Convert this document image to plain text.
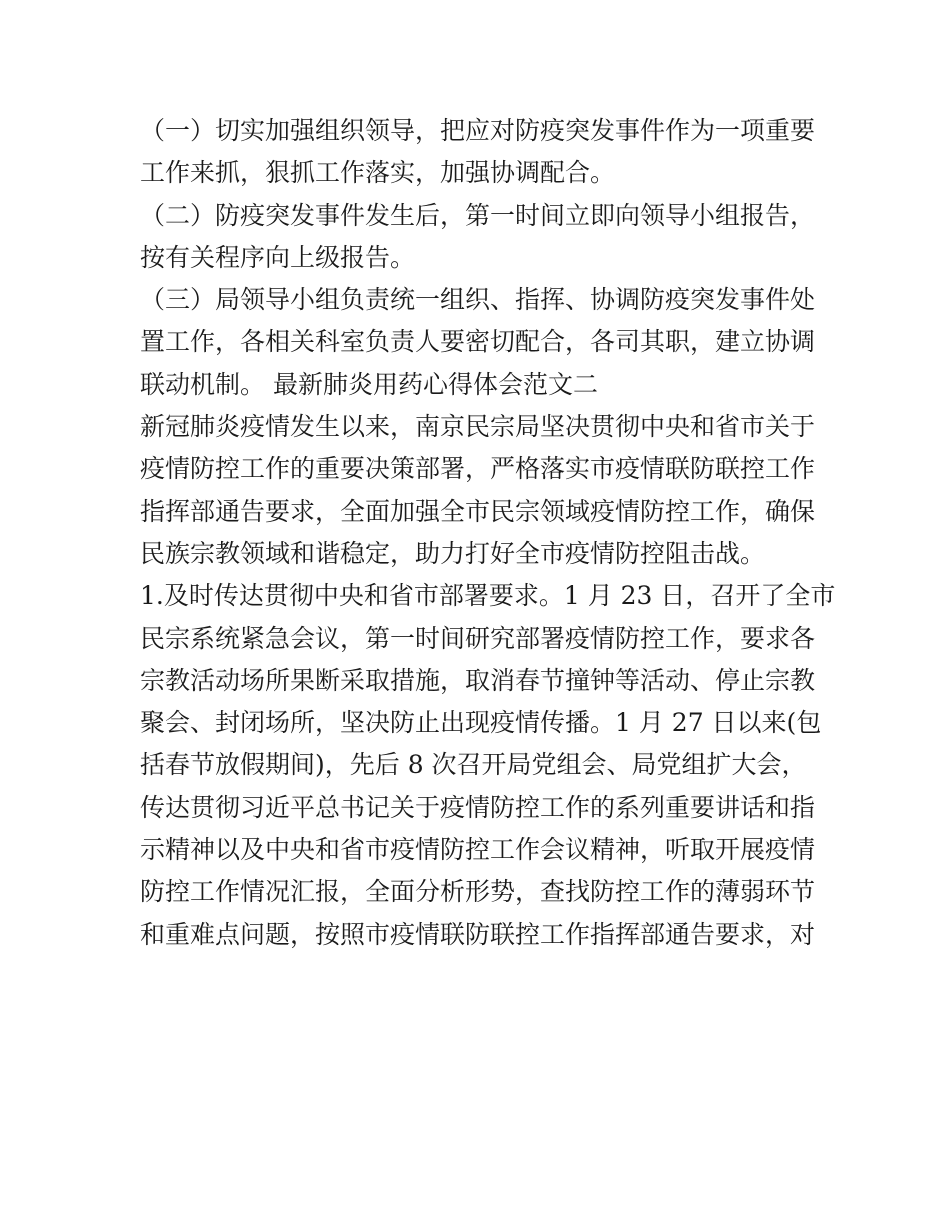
（一）切实加强组织领导，把应对防疫突发事件作为一项重要
工作来抓，狠抓工作落实，加强协调配合。
（二）防疫突发事件发生后，第一时间立即向领导小组报告，
按有关程序向上级报告。
（三）局领导小组负责统一组织、指挥、协调防疫突发事件处
置工作，各相关科室负责人要密切配合，各司其职，建立协调
联动机制。 最新肺炎用药心得体会范文二
新冠肺炎疫情发生以来，南京民宗局坚决贯彻中央和省市关于
疫情防控工作的重要决策部署，严格落实市疫情联防联控工作
指挥部通告要求，全面加强全市民宗领域疫情防控工作，确保
民族宗教领域和谐稳定，助力打好全市疫情防控阻击战。
1.及时传达贯彻中央和省市部署要求。1 月 23 日，召开了全市
民宗系统紧急会议，第一时间研究部署疫情防控工作，要求各
宗教活动场所果断采取措施，取消春节撞钟等活动、停止宗教
聚会、封闭场所，坚决防止出现疫情传播。1 月 27 日以来(包
括春节放假期间)，先后 8 次召开局党组会、局党组扩大会，
传达贯彻习近平总书记关于疫情防控工作的系列重要讲话和指
示精神以及中央和省市疫情防控工作会议精神，听取开展疫情
防控工作情况汇报，全面分析形势，查找防控工作的薄弱环节
和重难点问题，按照市疫情联防联控工作指挥部通告要求，对
